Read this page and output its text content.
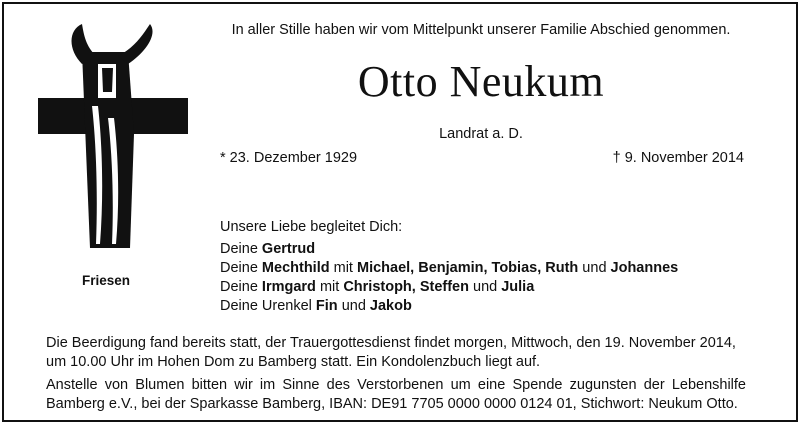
Friesen
In aller Stille haben wir vom Mittelpunkt unserer Familie Abschied genommen.
Otto Neukum
Landrat a. D.
* 23. Dezember 1929	† 9. November 2014
Unsere Liebe begleitet Dich:
Deine Gertrud
Deine Mechthild mit Michael, Benjamin, Tobias, Ruth und Johannes
Deine Irmgard mit Christoph, Steffen und Julia
Deine Urenkel Fin und Jakob
Die Beerdigung fand bereits statt, der Trauergottesdienst findet morgen, Mittwoch, den 19. November 2014,
um 10.00 Uhr im Hohen Dom zu Bamberg statt. Ein Kondolenzbuch liegt auf.
Anstelle von Blumen bitten wir im Sinne des Verstorbenen um eine Spende zugunsten der Lebenshilfe
Bamberg e.V., bei der Sparkasse Bamberg, IBAN: DE91 7705 0000 0000 0124 01, Stichwort: Neukum Otto.
